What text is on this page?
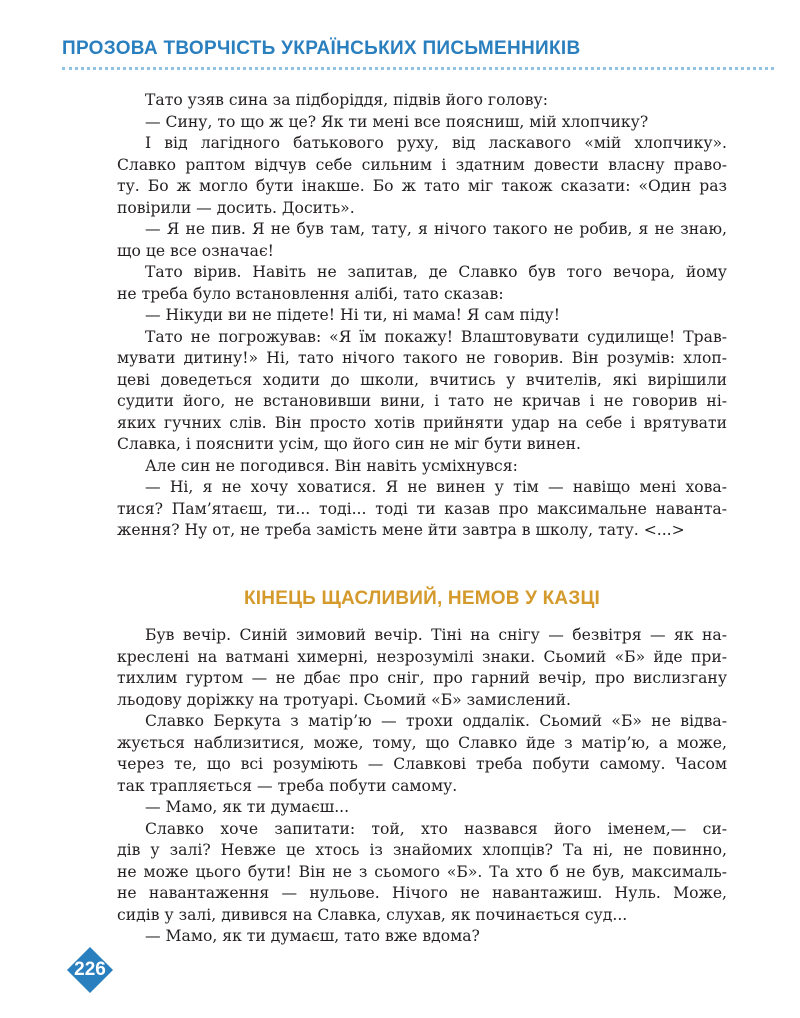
ПРОЗОВА ТВОРЧІСТЬ УКРАЇНСЬКИХ ПИСЬМЕННИКІВ

Тато узяв сина за підборіддя, підвів його голову:

— Сину, то що ж це? Як ти мені все поясниш, мій хлопчику?

І від лагідного батькового руху, від ласкавого «мій хлопчику».
Славко раптом відчув себе сильним і здатним довести власну право-
ту. Бо ж могло бути інакше. Бо ж тато міг також сказати: «Один раз
повірили — досить. Досить».

— Я не пив. Я не був там, тату, я нічого такого не робив, я не знаю,
що це все означає!

Тато вірив. Навіть не запитав, де Славко був того вечора, йому
не треба було встановлення алібі, тато сказав:

— Нікуди ви не підете! Ні ти, ні мама! Я сам піду!

Тато не погрожував: «Я їм покажу! Влаштовувати судилище! Трав-
мувати дитину!» Ні, тато нічого такого не говорив. Він розумів: хлоп-
цеві доведеться ходити до школи, вчитись у вчителів, які вирішили
судити його, не встановивши вини, і тато не кричав і не говорив ні-
яких гучних слів. Він просто хотів прийняти удар на себе і врятувати
Славка, і пояснити усім, що його син не міг бути винен.

Але син не погодився. Він навіть усміхнувся:

— Ні, я не хочу ховатися. Я не винен у тім — навіщо мені хова-
тися? Пам’ятаєш, ти... тоді... тоді ти казав про максимальне наванта-
ження? Ну от, не треба замість мене йти завтра в школу, тату. <...>

КІНЕЦЬ ЩАСЛИВИЙ, НЕМОВ У КАЗЦІ

Був вечір. Синій зимовий вечір. Тіні на снігу — безвітря — як на-
креслені на ватмані химерні, незрозумілі знаки. Сьомий «Б» йде при-
тихлим гуртом — не дбає про сніг, про гарний вечір, про вислизгану
льодову доріжку на тротуарі. Сьомий «Б» замислений.

Славко Беркута з матір’ю — трохи оддалік. Сьомий «Б» не відва-
жується наблизитися, може, тому, що Славко йде з матір’ю, а може,
через те, що всі розуміють — Славкові треба побути самому. Часом
так трапляється — треба побути самому.

— Мамо, як ти думаєш...

Славко хоче запитати: той, хто назвався його іменем,— си-
дів у залі? Невже це хтось із знайомих хлопців? Та ні, не повинно,
не може цього бути! Він не з сьомого «Б». Та хто б не був, максималь-
не навантаження — нульове. Нічого не навантажиш. Нуль. Може,
сидів у залі, дивився на Славка, слухав, як починається суд...

— Мамо, як ти думаєш, тато вже вдома?

226
